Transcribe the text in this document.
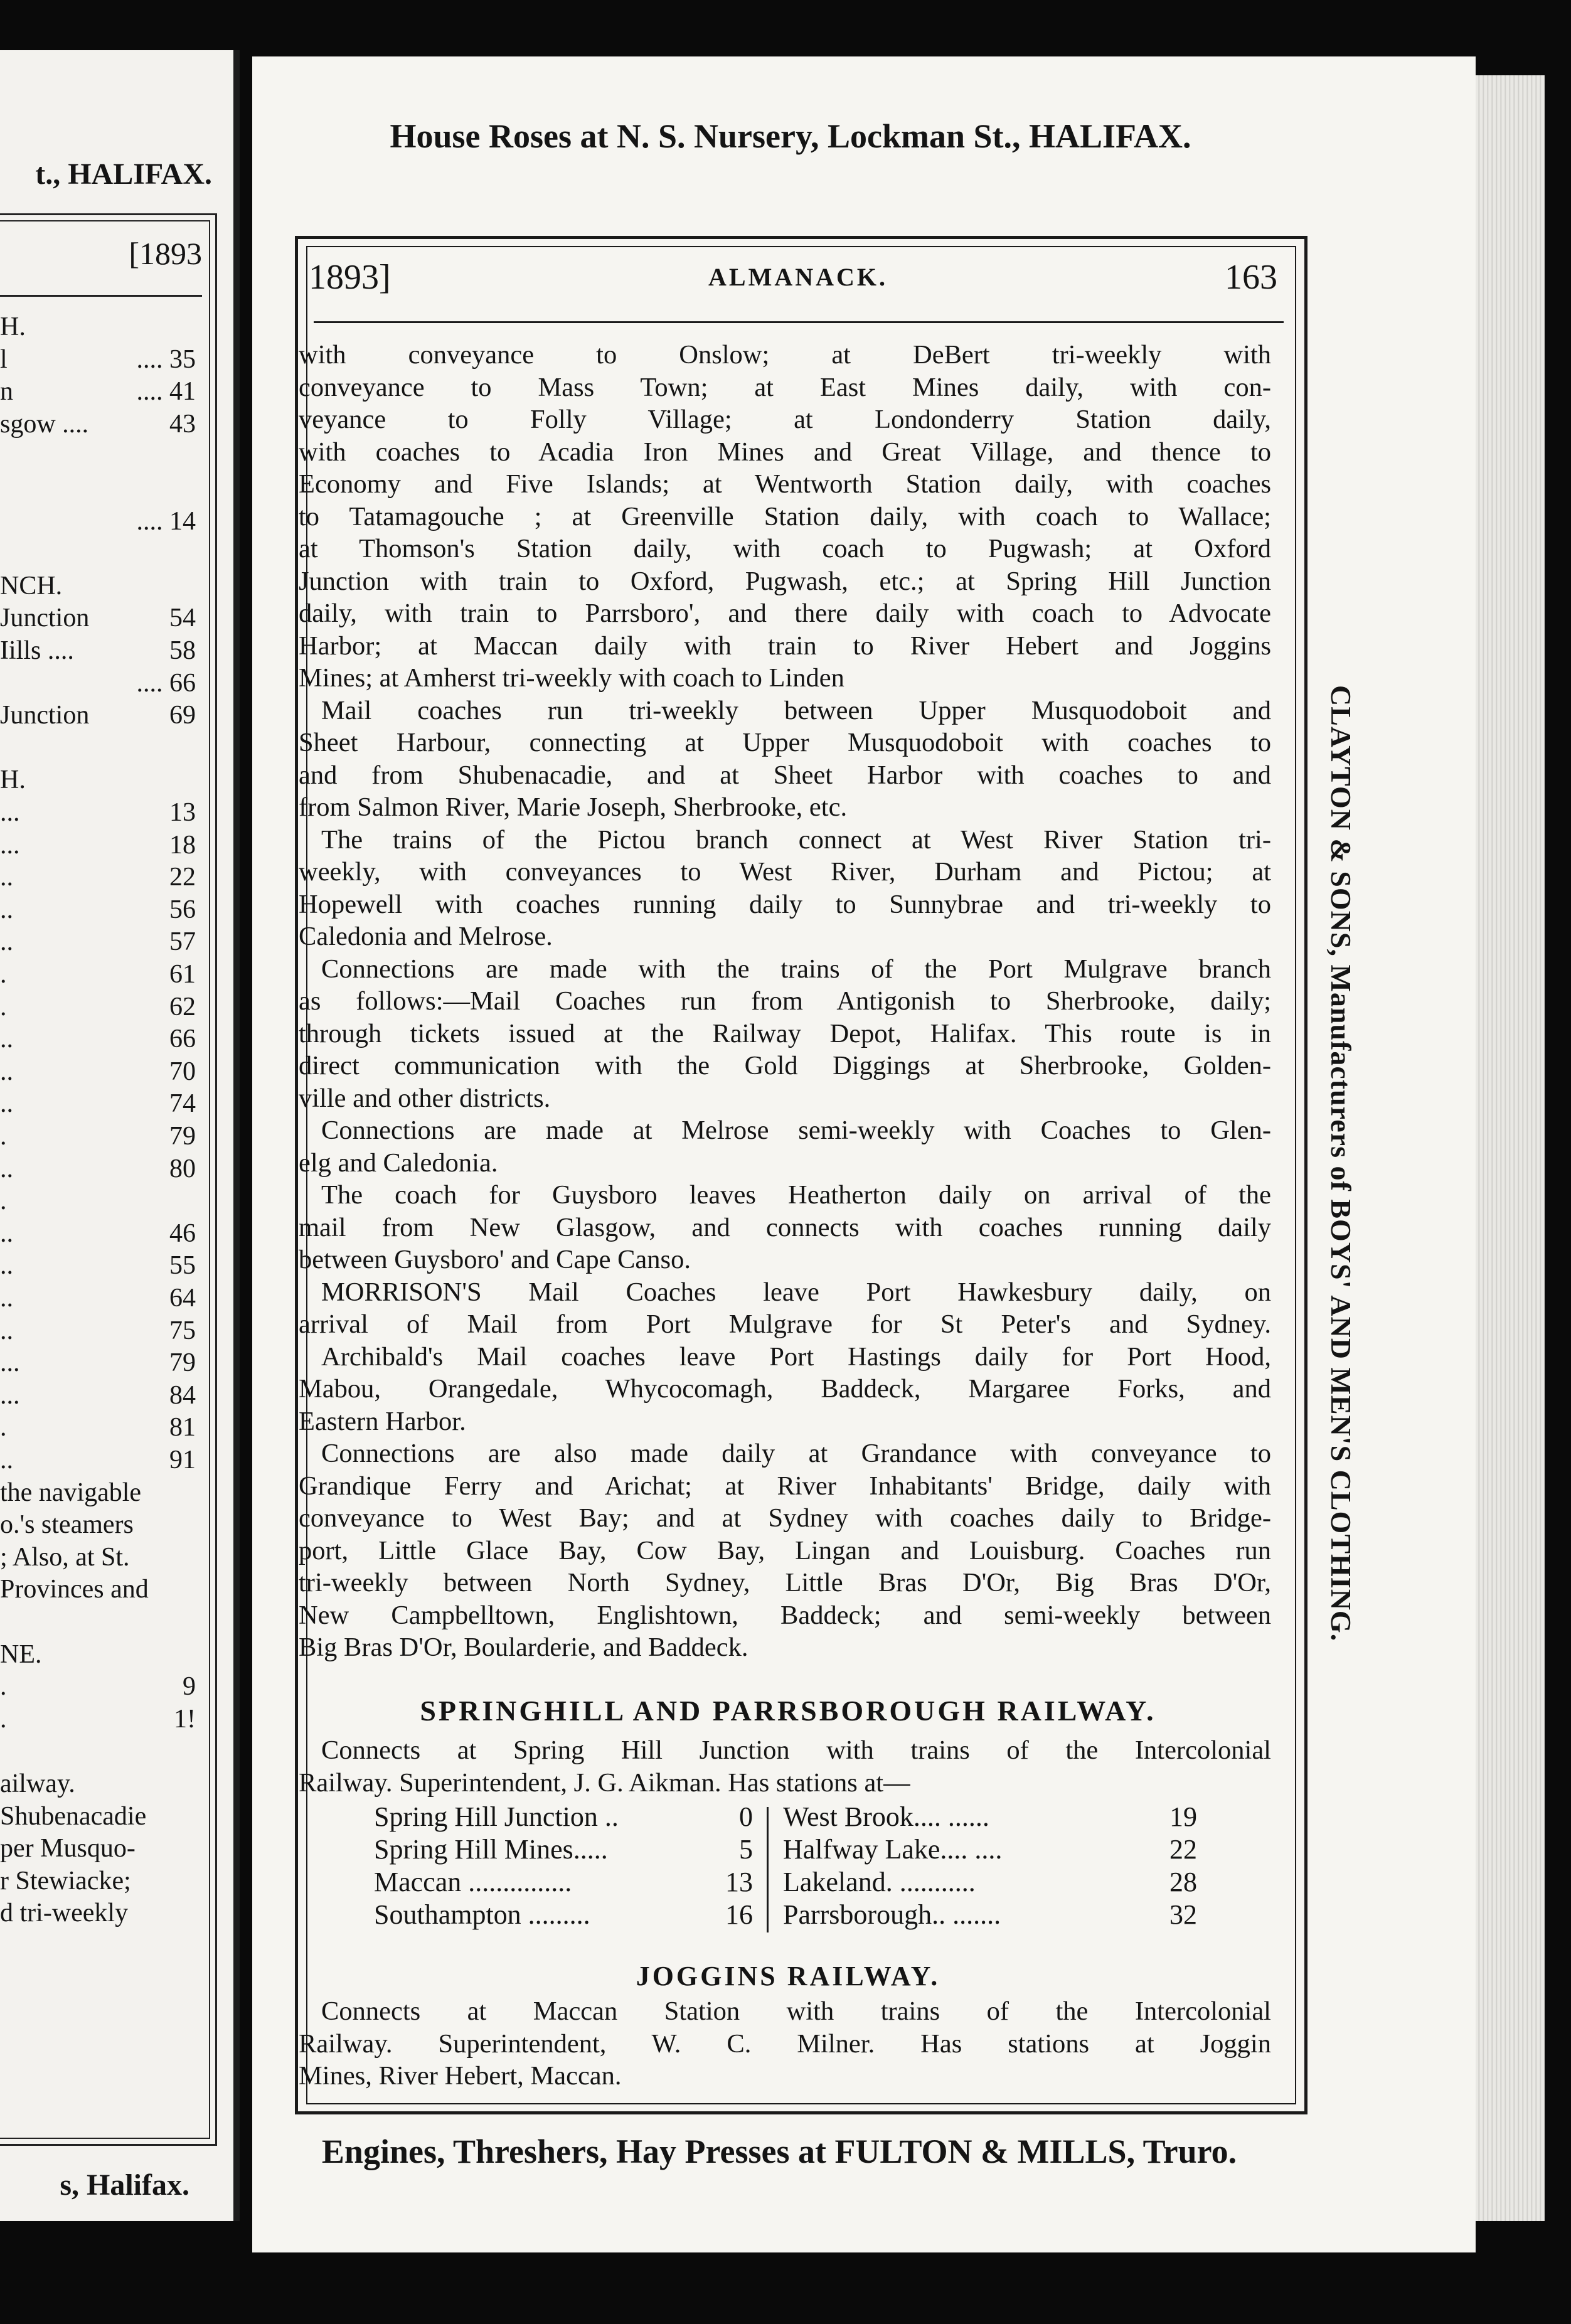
t., HALIFAX.
[1893
H.
l	.... 35
n	.... 41
sgow ....	43
.... 14
NCH.
Junction	54
Iills ....	58
.... 66
Junction	69
H.
...	13
...	18
..	22
..	56
..	57
.	61
.	62
..	66
..	70
..	74
.	79
..	80
.
..	46
..	55
..	64
..	75
...	79
...	84
.	81
..	91
the navigable
o.'s steamers
; Also, at St.
Provinces and
NE.
.	9
.	1!
ailway.
Shubenacadie
per Musquo-
r Stewiacke;
d tri-weekly
s, Halifax.
House Roses at N. S. Nursery, Lockman St., HALIFAX.
1893]	ALMANACK.	163
with conveyance to Onslow; at DeBert tri-weekly with
conveyance to Mass Town; at East Mines daily, with con-
veyance to Folly Village; at Londonderry Station daily,
with coaches to Acadia Iron Mines and Great Village, and thence to
Economy and Five Islands; at Wentworth Station daily, with coaches
to Tatamagouche ; at Greenville Station daily, with coach to Wallace;
at Thomson's Station daily, with coach to Pugwash; at Oxford
Junction with train to Oxford, Pugwash, etc.; at Spring Hill Junction
daily, with train to Parrsboro', and there daily with coach to Advocate
Harbor; at Maccan daily with train to River Hebert and Joggins
Mines; at Amherst tri-weekly with coach to Linden
Mail coaches run tri-weekly between Upper Musquodoboit and
Sheet Harbour, connecting at Upper Musquodoboit with coaches to
and from Shubenacadie, and at Sheet Harbor with coaches to and
from Salmon River, Marie Joseph, Sherbrooke, etc.
The trains of the Pictou branch connect at West River Station tri-
weekly, with conveyances to West River, Durham and Pictou; at
Hopewell with coaches running daily to Sunnybrae and tri-weekly to
Caledonia and Melrose.
Connections are made with the trains of the Port Mulgrave branch
as follows:—Mail Coaches run from Antigonish to Sherbrooke, daily;
through tickets issued at the Railway Depot, Halifax. This route is in
direct communication with the Gold Diggings at Sherbrooke, Golden-
ville and other districts.
Connections are made at Melrose semi-weekly with Coaches to Glen-
elg and Caledonia.
The coach for Guysboro leaves Heatherton daily on arrival of the
mail from New Glasgow, and connects with coaches running daily
between Guysboro' and Cape Canso.
MORRISON'S Mail Coaches leave Port Hawkesbury daily, on
arrival of Mail from Port Mulgrave for St Peter's and Sydney.
Archibald's Mail coaches leave Port Hastings daily for Port Hood,
Mabou, Orangedale, Whycocomagh, Baddeck, Margaree Forks, and
Eastern Harbor.
Connections are also made daily at Grandance with conveyance to
Grandique Ferry and Arichat; at River Inhabitants' Bridge, daily with
conveyance to West Bay; and at Sydney with coaches daily to Bridge-
port, Little Glace Bay, Cow Bay, Lingan and Louisburg. Coaches run
tri-weekly between North Sydney, Little Bras D'Or, Big Bras D'Or,
New Campbelltown, Englishtown, Baddeck; and semi-weekly between
Big Bras D'Or, Boularderie, and Baddeck.
SPRINGHILL AND PARRSBOROUGH RAILWAY.
Connects at Spring Hill Junction with trains of the Intercolonial
Railway. Superintendent, J. G. Aikman. Has stations at—
Spring Hill Junction ..	0
Spring Hill Mines.....	5
Maccan ...............	13
Southampton .........	16
West Brook.... ......	19
Halfway Lake.... ....	22
Lakeland. ...........	28
Parrsborough.. .......	32
JOGGINS RAILWAY.
Connects at Maccan Station with trains of the Intercolonial
Railway. Superintendent, W. C. Milner. Has stations at Joggin
Mines, River Hebert, Maccan.
CLAYTON & SONS, Manufacturers of BOYS' AND MEN'S CLOTHING.
Engines, Threshers, Hay Presses at FULTON & MILLS, Truro.
